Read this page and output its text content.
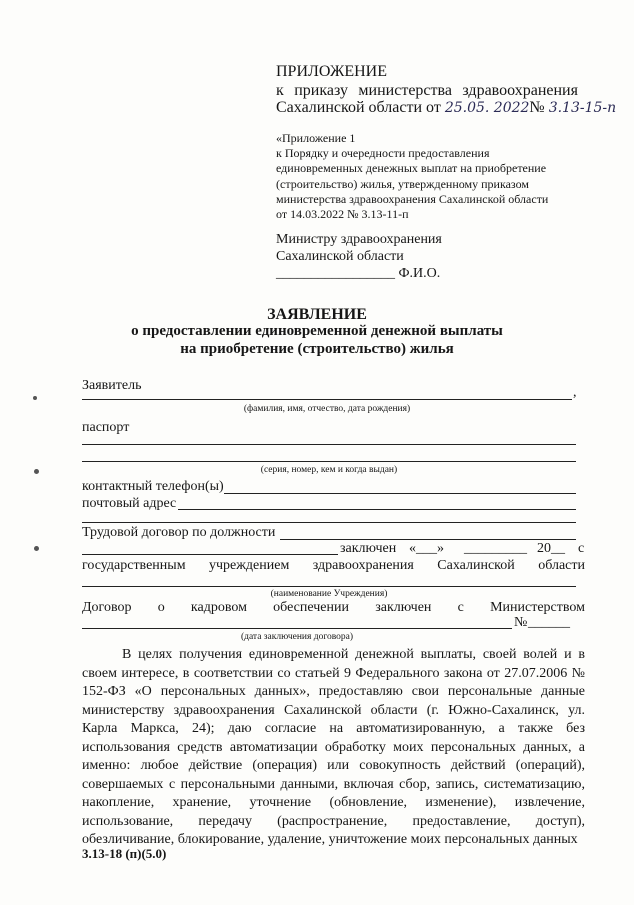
ПРИЛОЖЕНИЕ
к приказу министерства здравоохранения
Сахалинской области от 25.05. 2022№ 3.13-15-п
«Приложение 1
к Порядку и очередности предоставления
единовременных денежных выплат на приобретение
(строительство) жилья, утвержденному приказом
министерства здравоохранения Сахалинской области
от 14.03.2022 № 3.13-11-п
Министру здравоохранения
Сахалинской области
_________________ Ф.И.О.
ЗАЯВЛЕНИЕ
о предоставлении единовременной денежной выплаты
на приобретение (строительство) жилья
Заявитель	,
(фамилия, имя, отчество, дата рождения)
паспорт
(серия, номер, кем и когда выдан)
контактный телефон(ы)
почтовый адрес
Трудовой договор по должности
заключен «___» _________ 20__ с
государственным учреждением здравоохранения Сахалинской области
(наименование Учреждения)
Договор о кадровом обеспечении заключен с Министерством
№ ______
(дата заключения договора)
В целях получения единовременной денежной выплаты, своей волей и в своем интересе, в соответствии со статьей 9 Федерального закона от 27.07.2006 № 152-ФЗ «О персональных данных», предоставляю свои персональные данные министерству здравоохранения Сахалинской области (г. Южно-Сахалинск, ул. Карла Маркса, 24); даю согласие на автоматизированную, а также без использования средств автоматизации обработку моих персональных данных, а именно: любое действие (операция) или совокупность действий (операций), совершаемых с персональными данными, включая сбор, запись, систематизацию, накопление, хранение, уточнение (обновление, изменение), извлечение, использование, передачу (распространение, предоставление, доступ), обезличивание, блокирование, удаление, уничтожение моих персональных данных
3.13-18 (п)(5.0)
